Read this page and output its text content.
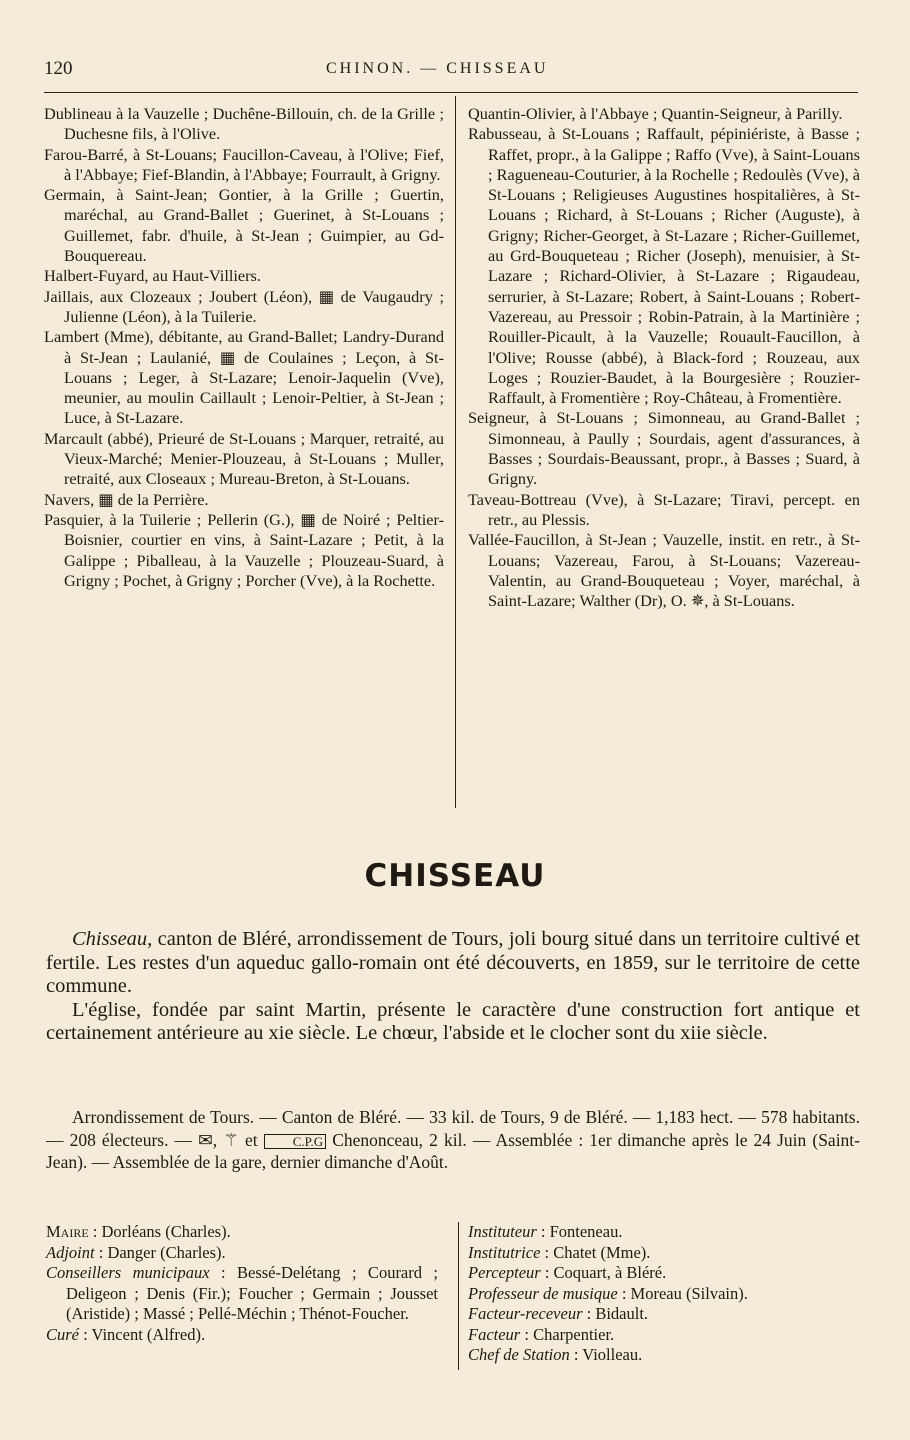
120	CHINON. — CHISSEAU
Dublineau à la Vauzelle ; Duchêne-Billouin, ch. de la Grille ; Duchesne fils, à l'Olive.
Farou-Barré, à St-Louans; Faucillon-Caveau, à l'Olive; Fief, à l'Abbaye; Fief-Blandin, à l'Abbaye; Fourrault, à Grigny.
Germain, à Saint-Jean; Gontier, à la Grille ; Guertin, maréchal, au Grand-Ballet ; Guerinet, à St-Louans ; Guillemet, fabr. d'huile, à St-Jean ; Guimpier, au Gd-Bouquereau.
Halbert-Fuyard, au Haut-Villiers.
Jaillais, aux Clozeaux ; Joubert (Léon), ▦ de Vaugaudry ; Julienne (Léon), à la Tuilerie.
Lambert (Mme), débitante, au Grand-Ballet; Landry-Durand à St-Jean ; Laulanié, ▦ de Coulaines ; Leçon, à St-Louans ; Leger, à St-Lazare; Lenoir-Jaquelin (Vve), meunier, au moulin Caillault ; Lenoir-Peltier, à St-Jean ; Luce, à St-Lazare.
Marcault (abbé), Prieuré de St-Louans ; Marquer, retraité, au Vieux-Marché; Menier-Plouzeau, à St-Louans ; Muller, retraité, aux Closeaux ; Mureau-Breton, à St-Louans.
Navers, ▦ de la Perrière.
Pasquier, à la Tuilerie ; Pellerin (G.), ▦ de Noiré ; Peltier-Boisnier, courtier en vins, à Saint-Lazare ; Petit, à la Galippe ; Piballeau, à la Vauzelle ; Plouzeau-Suard, à Grigny ; Pochet, à Grigny ; Porcher (Vve), à la Rochette.
Quantin-Olivier, à l'Abbaye ; Quantin-Seigneur, à Parilly.
Rabusseau, à St-Louans ; Raffault, pépiniériste, à Basse ; Raffet, propr., à la Galippe ; Raffo (Vve), à Saint-Louans ; Ragueneau-Couturier, à la Rochelle ; Redoulès (Vve), à St-Louans ; Religieuses Augustines hospitalières, à St-Louans ; Richard, à St-Louans ; Richer (Auguste), à Grigny; Richer-Georget, à St-Lazare ; Richer-Guillemet, au Grd-Bouqueteau ; Richer (Joseph), menuisier, à St-Lazare ; Richard-Olivier, à St-Lazare ; Rigaudeau, serrurier, à St-Lazare; Robert, à Saint-Louans ; Robert-Vazereau, au Pressoir ; Robin-Patrain, à la Martinière ; Rouiller-Picault, à la Vauzelle; Rouault-Faucillon, à l'Olive; Rousse (abbé), à Black-ford ; Rouzeau, aux Loges ; Rouzier-Baudet, à la Bourgesière ; Rouzier-Raffault, à Fromentière ; Roy-Château, à Fromentière.
Seigneur, à St-Louans ; Simonneau, au Grand-Ballet ; Simonneau, à Paully ; Sourdais, agent d'assurances, à Basses ; Sourdais-Beaussant, propr., à Basses ; Suard, à Grigny.
Taveau-Bottreau (Vve), à St-Lazare; Tiravi, percept. en retr., au Plessis.
Vallée-Faucillon, à St-Jean ; Vauzelle, instit. en retr., à St-Louans; Vazereau, Farou, à St-Louans; Vazereau-Valentin, au Grand-Bouqueteau ; Voyer, maréchal, à Saint-Lazare; Walther (Dr), O. ✵, à St-Louans.
CHISSEAU

Chisseau, canton de Bléré, arrondissement de Tours, joli bourg situé dans un territoire cultivé et fertile. Les restes d'un aqueduc gallo-romain ont été découverts, en 1859, sur le territoire de cette commune.

L'église, fondée par saint Martin, présente le caractère d'une construction fort antique et certainement antérieure au xie siècle. Le chœur, l'abside et le clocher sont du xiie siècle.

Arrondissement de Tours. — Canton de Bléré. — 33 kil. de Tours, 9 de Bléré. — 1,183 hect. — 578 habitants. — 208 électeurs. — ✉, ⚚ et C.P.G Chenonceau, 2 kil. — Assemblée : 1er dimanche après le 24 Juin (Saint-Jean). — Assemblée de la gare, dernier dimanche d'Août.
Maire : Dorléans (Charles).
Adjoint : Danger (Charles).
Conseillers municipaux : Bessé-Delétang ; Courard ; Deligeon ; Denis (Fir.); Foucher ; Germain ; Jousset (Aristide) ; Massé ; Pellé-Méchin ; Thénot-Foucher.
Curé : Vincent (Alfred).
Instituteur : Fonteneau.
Institutrice : Chatet (Mme).
Percepteur : Coquart, à Bléré.
Professeur de musique : Moreau (Silvain).
Facteur-receveur : Bidault.
Facteur : Charpentier.
Chef de Station : Violleau.
